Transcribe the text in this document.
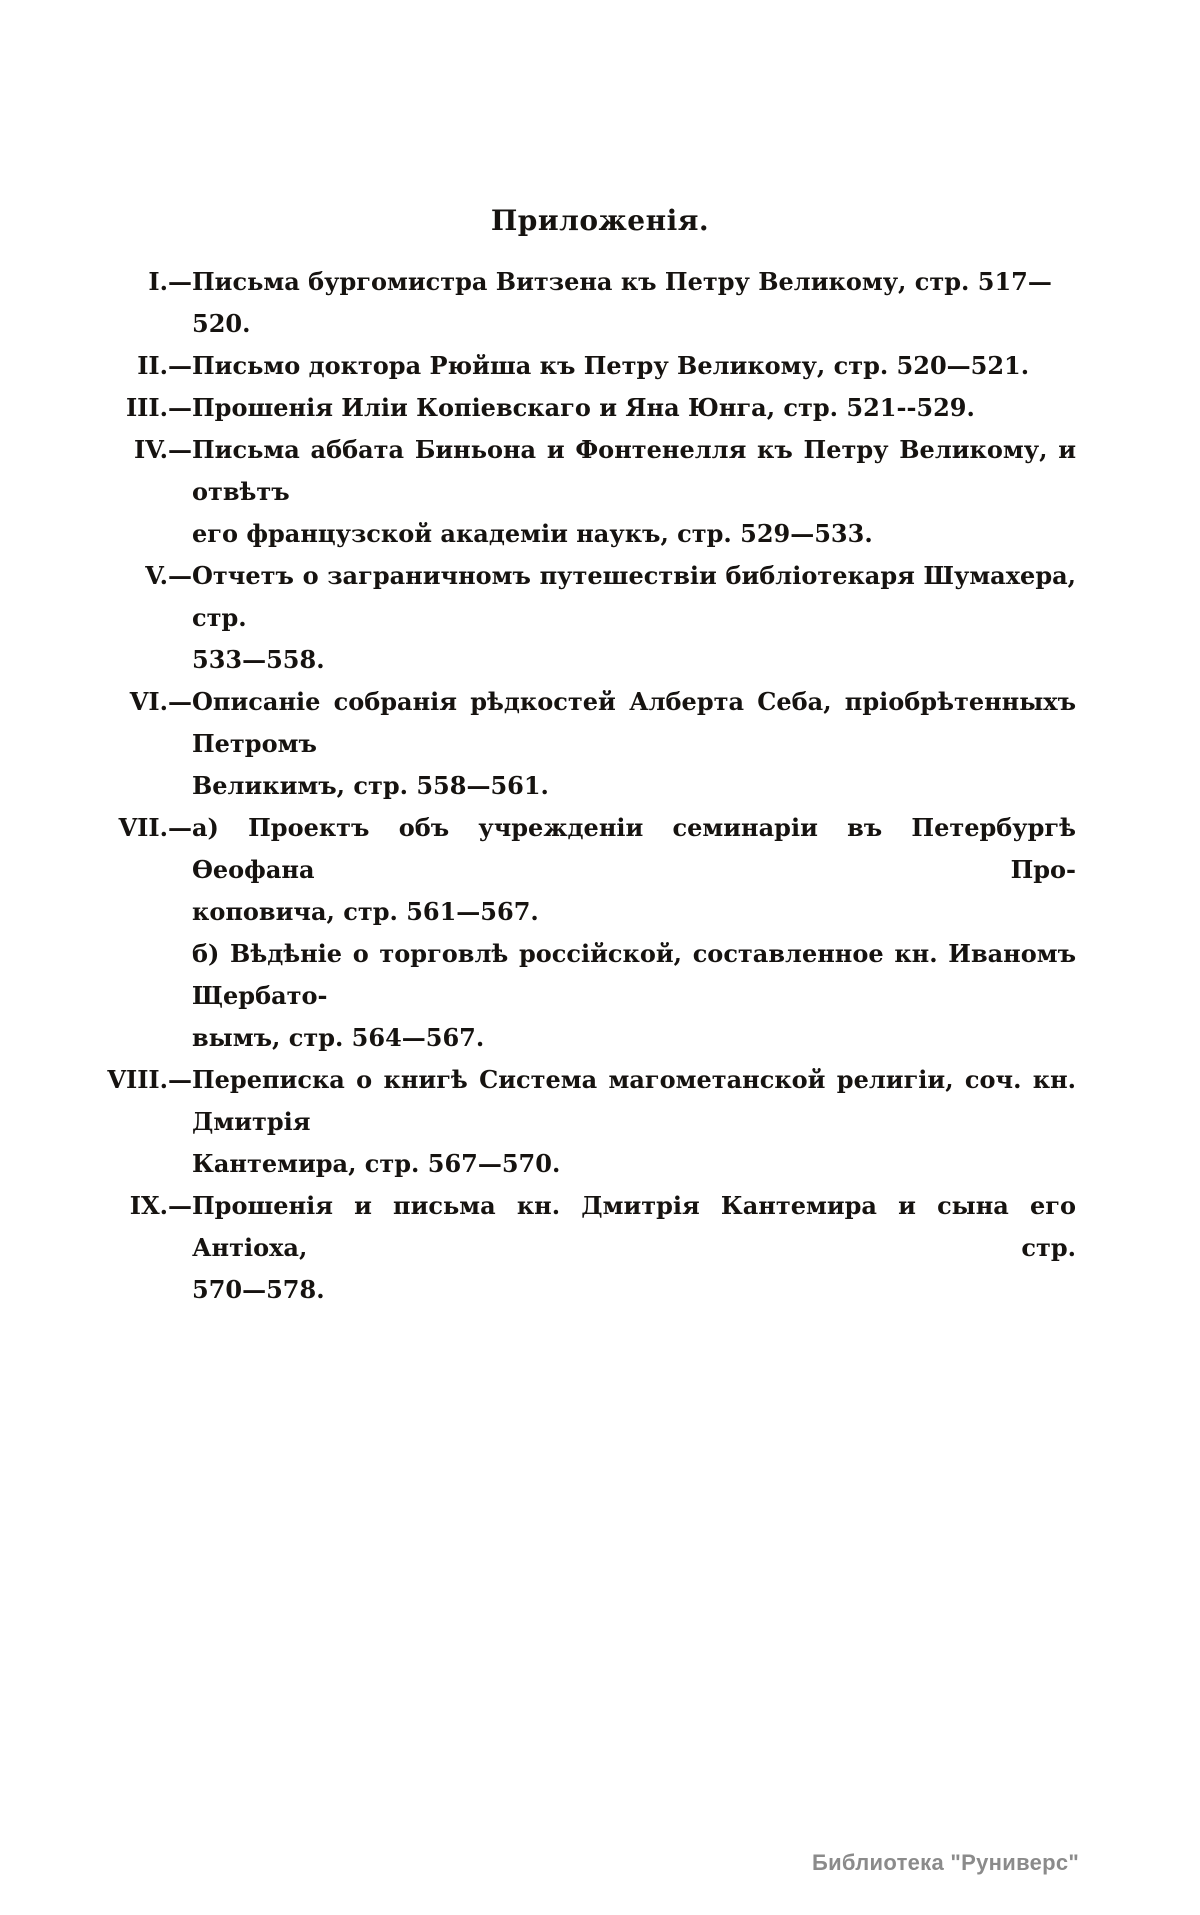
Приложенія.
I.— Письма бургомистра Витзена къ Петру Великому, стр. 517—520.
II.— Письмо доктора Рюйша къ Петру Великому, стр. 520—521.
III.— Прошенія Иліи Копіевскаго и Яна Юнга, стр. 521--529.
IV.— Письма аббата Биньона и Фонтенелля къ Петру Великому, и отвѣтъ
его французской академіи наукъ, стр. 529—533.
V.— Отчетъ о заграничномъ путешествіи библіотекаря Шумахера, стр.
533—558.
VI.— Описаніе собранія рѣдкостей Алберта Себа, пріобрѣтенныхъ Петромъ
Великимъ, стр. 558—561.
VII.— а) Проектъ объ учрежденіи семинаріи въ Петербургѣ Ѳеофана Про-
коповича, стр. 561—567.
б) Вѣдѣніе о торговлѣ россійской, составленное кн. Иваномъ Щербато-
вымъ, стр. 564—567.
VIII.— Переписка о книгѣ Система магометанской религіи, соч. кн. Дмитрія
Кантемира, стр. 567—570.
IX.— Прошенія и письма кн. Дмитрія Кантемира и сына его Антіоха, стр.
570—578.
Библиотека "Руниверс"
